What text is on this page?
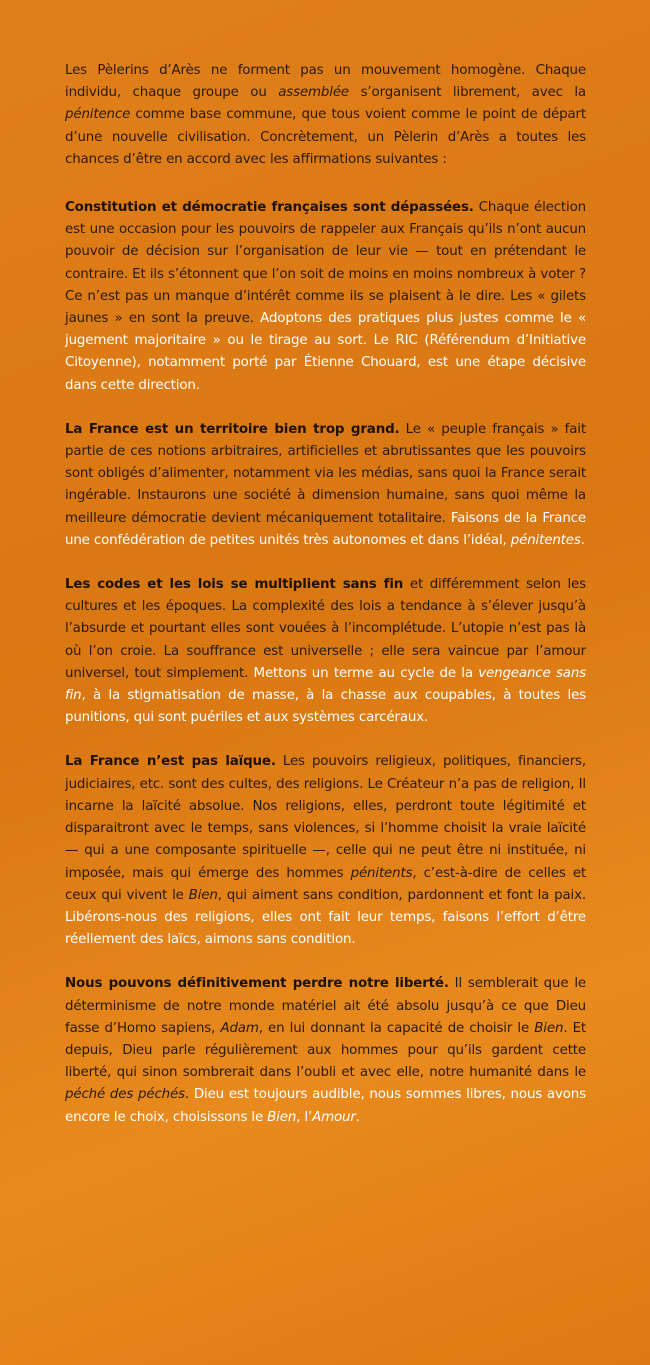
Les Pèlerins d’Arès ne forment pas un mouvement homogène. Chaque individu, chaque groupe ou assemblée s’organisent librement, avec la pénitence comme base commune, que tous voient comme le point de départ d’une nouvelle civilisation. Concrètement, un Pèlerin d’Arès a toutes les chances d’être en accord avec les affirmations suivantes :

Constitution et démocratie françaises sont dépassées. Chaque élection est une occasion pour les pouvoirs de rappeler aux Français qu’ils n’ont aucun pouvoir de décision sur l’organisation de leur vie — tout en prétendant le contraire. Et ils s’étonnent que l’on soit de moins en moins nombreux à voter ? Ce n’est pas un manque d’intérêt comme ils se plaisent à le dire. Les « gilets jaunes » en sont la preuve. Adoptons des pratiques plus justes comme le « jugement majoritaire » ou le tirage au sort. Le RIC (Référendum d’Initiative Citoyenne), notamment porté par Étienne Chouard, est une étape décisive dans cette direction.

La France est un territoire bien trop grand. Le « peuple français » fait partie de ces notions arbitraires, artificielles et abrutissantes que les pouvoirs sont obligés d’alimenter, notamment via les médias, sans quoi la France serait ingérable. Instaurons une société à dimension humaine, sans quoi même la meilleure démocratie devient mécaniquement totalitaire. Faisons de la France une confédération de petites unités très autonomes et dans l’idéal, pénitentes.

Les codes et les lois se multiplient sans fin et différemment selon les cultures et les époques. La complexité des lois a tendance à s’élever jusqu’à l’absurde et pourtant elles sont vouées à l’incomplétude. L’utopie n’est pas là où l’on croie. La souffrance est universelle ; elle sera vaincue par l’amour universel, tout simplement. Mettons un terme au cycle de la vengeance sans fin, à la stigmatisation de masse, à la chasse aux coupables, à toutes les punitions, qui sont puériles et aux systèmes carcéraux.

La France n’est pas laïque. Les pouvoirs religieux, politiques, financiers, judiciaires, etc. sont des cultes, des religions. Le Créateur n’a pas de religion, Il incarne la laïcité absolue. Nos religions, elles, perdront toute légitimité et disparaitront avec le temps, sans violences, si l’homme choisit la vraie laïcité — qui a une composante spirituelle —, celle qui ne peut être ni instituée, ni imposée, mais qui émerge des hommes pénitents, c’est-à-dire de celles et ceux qui vivent le Bien, qui aiment sans condition, pardonnent et font la paix. Libérons-nous des religions, elles ont fait leur temps, faisons l’effort d’être réellement des laïcs, aimons sans condition.

Nous pouvons définitivement perdre notre liberté. Il semblerait que le déterminisme de notre monde matériel ait été absolu jusqu’à ce que Dieu fasse d’Homo sapiens, Adam, en lui donnant la capacité de choisir le Bien. Et depuis, Dieu parle régulièrement aux hommes pour qu’ils gardent cette liberté, qui sinon sombrerait dans l’oubli et avec elle, notre humanité dans le péché des péchés. Dieu est toujours audible, nous sommes libres, nous avons encore le choix, choisissons le Bien, l’Amour.
